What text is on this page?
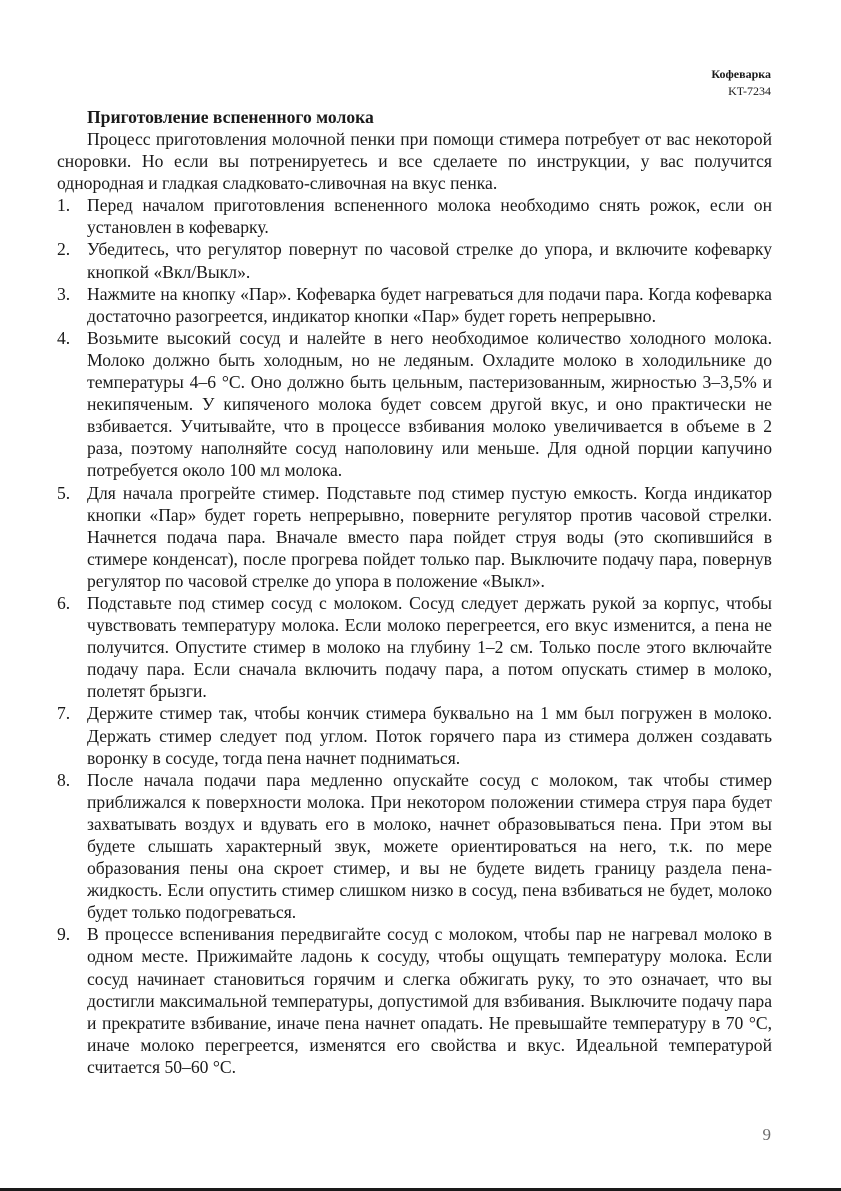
Кофеварка
KT-7234
Приготовление вспененного молока

Процесс приготовления молочной пенки при помощи стимера потребует от вас некоторой сноровки. Но если вы потренируетесь и все сделаете по инструкции, у вас получится однородная и гладкая сладковато-сливочная на вкус пенка.

1. Перед началом приготовления вспененного молока необходимо снять рожок, если он установлен в кофеварку.
2. Убедитесь, что регулятор повернут по часовой стрелке до упора, и включите кофеварку кнопкой «Вкл/Выкл».
3. Нажмите на кнопку «Пар». Кофеварка будет нагреваться для подачи пара. Когда кофеварка достаточно разогреется, индикатор кнопки «Пар» будет гореть непрерывно.
4. Возьмите высокий сосуд и налейте в него необходимое количество холодного молока. Молоко должно быть холодным, но не ледяным. Охладите молоко в холодильнике до температуры 4–6 °C. Оно должно быть цельным, пастеризованным, жирностью 3–3,5% и некипяченым. У кипяченого молока будет совсем другой вкус, и оно практически не взбивается. Учитывайте, что в процессе взбивания молоко увеличивается в объеме в 2 раза, поэтому наполняйте сосуд наполовину или меньше. Для одной порции капучино потребуется около 100 мл молока.
5. Для начала прогрейте стимер. Подставьте под стимер пустую емкость. Когда индикатор кнопки «Пар» будет гореть непрерывно, поверните регулятор против часовой стрелки. Начнется подача пара. Вначале вместо пара пойдет струя воды (это скопившийся в стимере конденсат), после прогрева пойдет только пар. Выключите подачу пара, повернув регулятор по часовой стрелке до упора в положение «Выкл».
6. Подставьте под стимер сосуд с молоком. Сосуд следует держать рукой за корпус, чтобы чувствовать температуру молока. Если молоко перегреется, его вкус изменится, а пена не получится. Опустите стимер в молоко на глубину 1–2 см. Только после этого включайте подачу пара. Если сначала включить подачу пара, а потом опускать стимер в молоко, полетят брызги.
7. Держите стимер так, чтобы кончик стимера буквально на 1 мм был погружен в молоко. Держать стимер следует под углом. Поток горячего пара из стимера должен создавать воронку в сосуде, тогда пена начнет подниматься.
8. После начала подачи пара медленно опускайте сосуд с молоком, так чтобы стимер приближался к поверхности молока. При некотором положении стимера струя пара будет захватывать воздух и вдувать его в молоко, начнет образовываться пена. При этом вы будете слышать характерный звук, можете ориентироваться на него, т.к. по мере образования пены она скроет стимер, и вы не будете видеть границу раздела пена-жидкость. Если опустить стимер слишком низко в сосуд, пена взбиваться не будет, молоко будет только подогреваться.
9. В процессе вспенивания передвигайте сосуд с молоком, чтобы пар не нагревал молоко в одном месте. Прижимайте ладонь к сосуду, чтобы ощущать температуру молока. Если сосуд начинает становиться горячим и слегка обжигать руку, то это означает, что вы достигли максимальной температуры, допустимой для взбивания. Выключите подачу пара и прекратите взбивание, иначе пена начнет опадать. Не превышайте температуру в 70 °C, иначе молоко перегреется, изменятся его свойства и вкус. Идеальной температурой считается 50–60 °C.
9
